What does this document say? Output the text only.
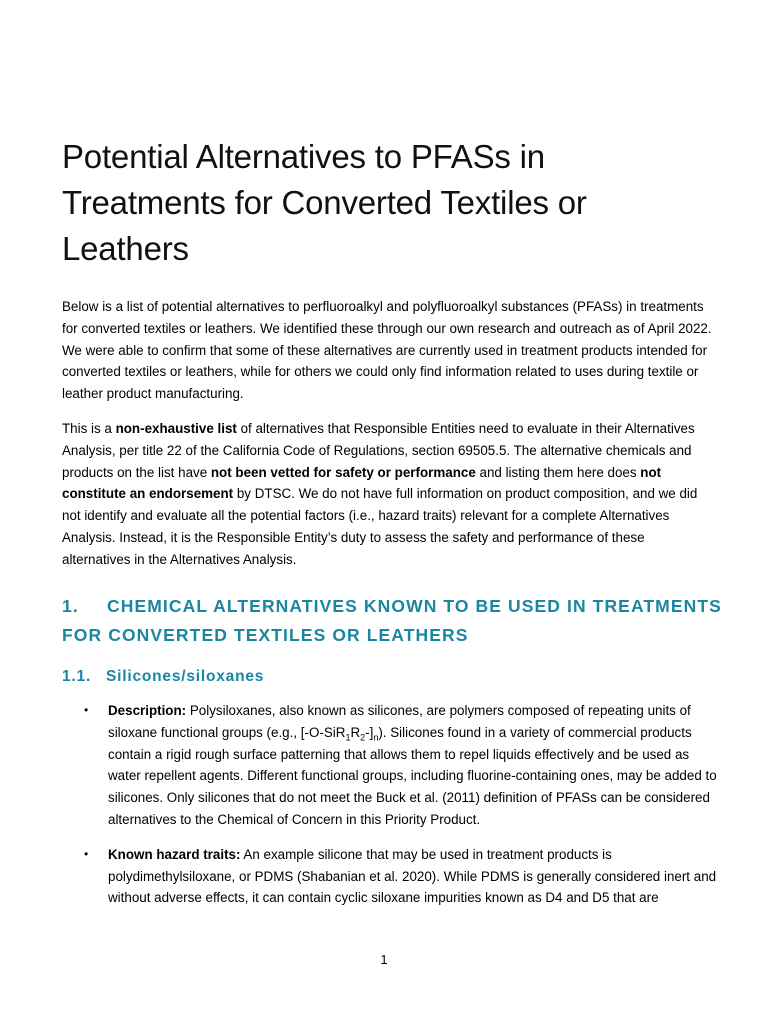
Potential Alternatives to PFASs in Treatments for Converted Textiles or Leathers

Below is a list of potential alternatives to perfluoroalkyl and polyfluoroalkyl substances (PFASs) in treatments for converted textiles or leathers. We identified these through our own research and outreach as of April 2022. We were able to confirm that some of these alternatives are currently used in treatment products intended for converted textiles or leathers, while for others we could only find information related to uses during textile or leather product manufacturing.

This is a non-exhaustive list of alternatives that Responsible Entities need to evaluate in their Alternatives Analysis, per title 22 of the California Code of Regulations, section 69505.5. The alternative chemicals and products on the list have not been vetted for safety or performance and listing them here does not constitute an endorsement by DTSC. We do not have full information on product composition, and we did not identify and evaluate all the potential factors (i.e., hazard traits) relevant for a complete Alternatives Analysis. Instead, it is the Responsible Entity’s duty to assess the safety and performance of these alternatives in the Alternatives Analysis.

1. CHEMICAL ALTERNATIVES KNOWN TO BE USED IN TREATMENTS FOR CONVERTED TEXTILES OR LEATHERS
1.1. Silicones/siloxanes
• Description: Polysiloxanes, also known as silicones, are polymers composed of repeating units of siloxane functional groups (e.g., $[-O-SiR_1R_2-]_n$). Silicones found in a variety of commercial products contain a rigid rough surface patterning that allows them to repel liquids effectively and be used as water repellent agents. Different functional groups, including fluorine-containing ones, may be added to silicones. Only silicones that do not meet the Buck et al. (2011) definition of PFASs can be considered alternatives to the Chemical of Concern in this Priority Product.
• Known hazard traits: An example silicone that may be used in treatment products is polydimethylsiloxane, or PDMS (Shabanian et al. 2020). While PDMS is generally considered inert and without adverse effects, it can contain cyclic siloxane impurities known as D4 and D5 that are
1
